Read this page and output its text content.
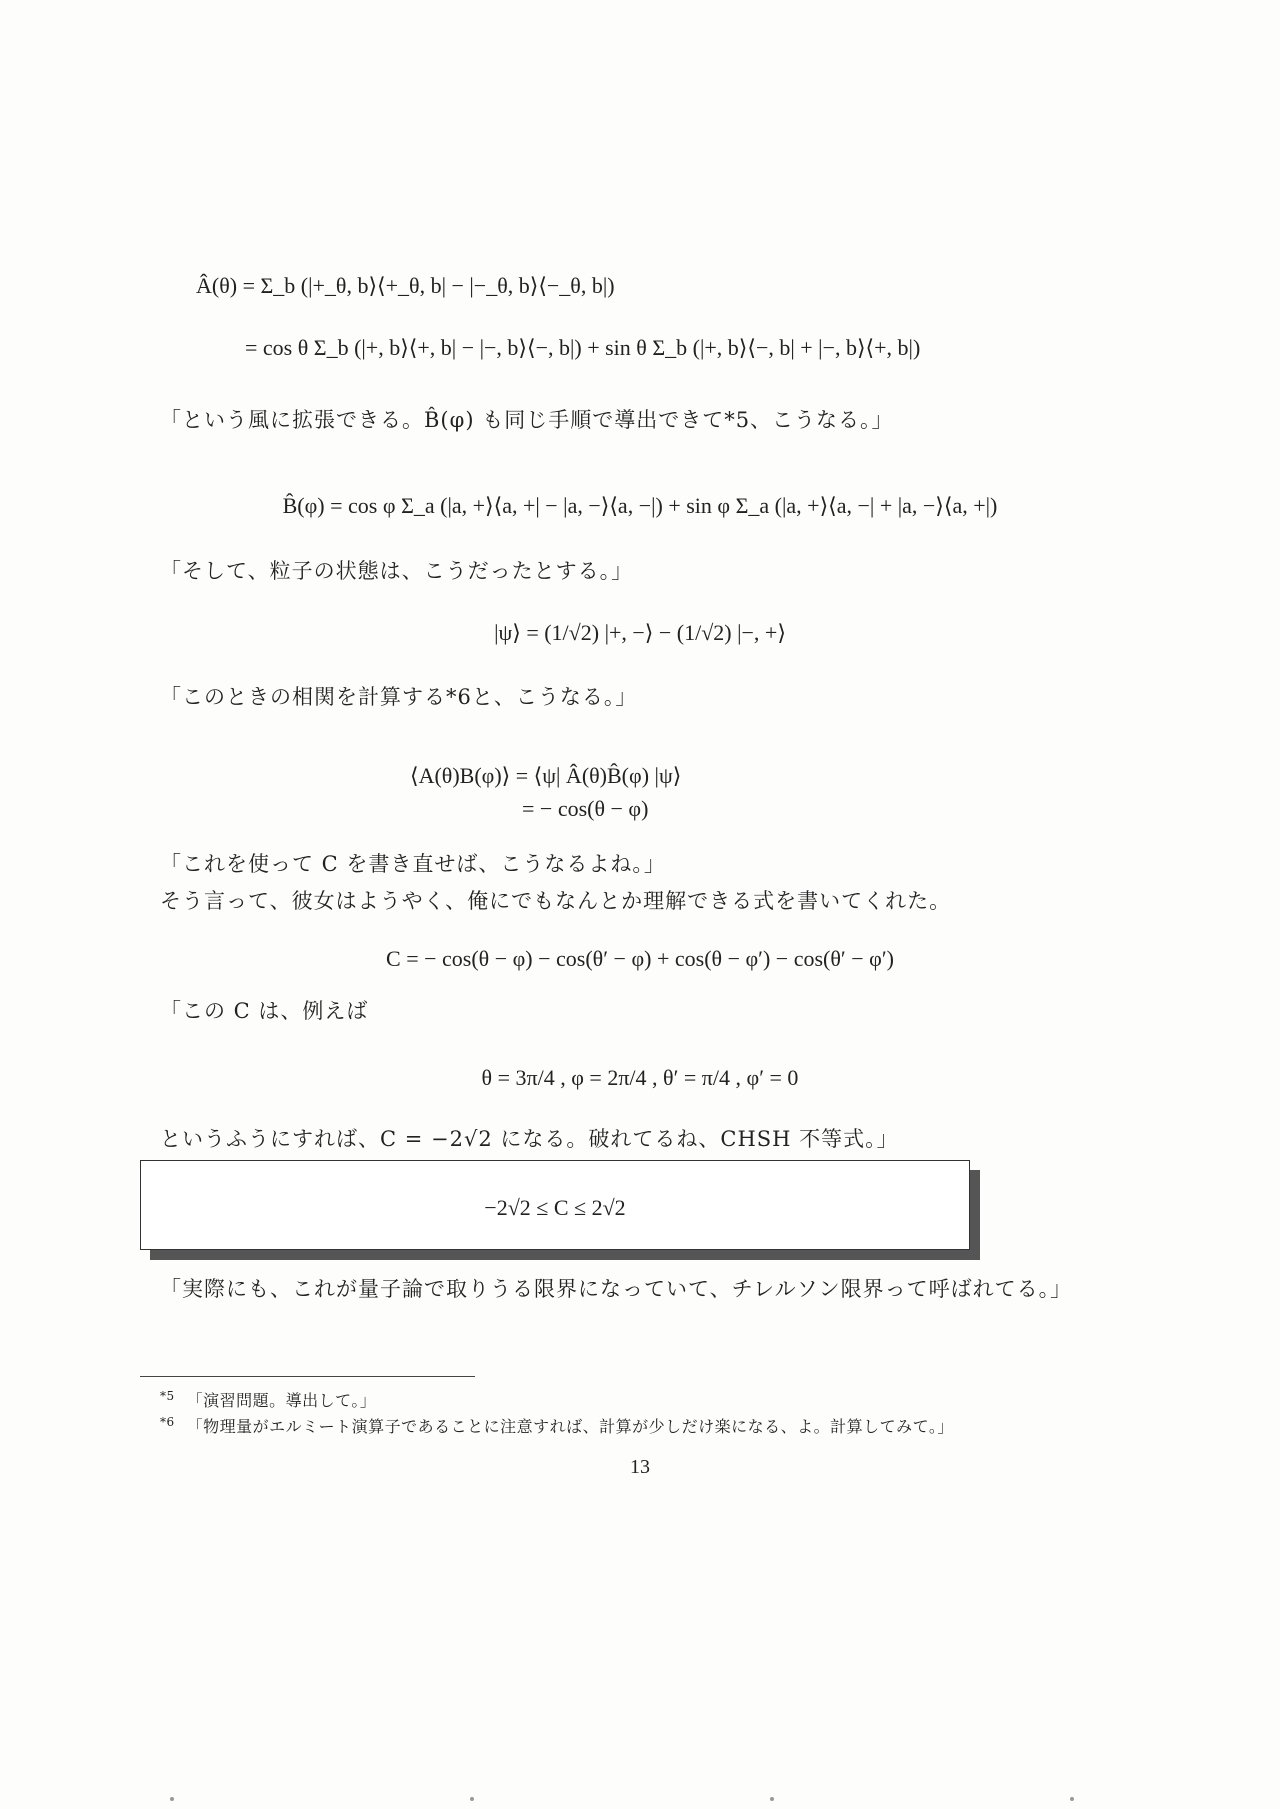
Â(θ) = Σ_b (|+_θ, b⟩⟨+_θ, b| − |−_θ, b⟩⟨−_θ, b|)
= cos θ Σ_b (|+, b⟩⟨+, b| − |−, b⟩⟨−, b|) + sin θ Σ_b (|+, b⟩⟨−, b| + |−, b⟩⟨+, b|)
「という風に拡張できる。B̂(φ) も同じ手順で導出できて*5、こうなる。」
B̂(φ) = cos φ Σ_a (|a, +⟩⟨a, +| − |a, −⟩⟨a, −|) + sin φ Σ_a (|a, +⟩⟨a, −| + |a, −⟩⟨a, +|)
「そして、粒子の状態は、こうだったとする。」
|ψ⟩ = (1/√2) |+, −⟩ − (1/√2) |−, +⟩
「このときの相関を計算する*6と、こうなる。」
⟨A(θ)B(φ)⟩ = ⟨ψ| Â(θ)B̂(φ) |ψ⟩
= − cos(θ − φ)
「これを使って C を書き直せば、こうなるよね。」
そう言って、彼女はようやく、俺にでもなんとか理解できる式を書いてくれた。
C = − cos(θ − φ) − cos(θ′ − φ) + cos(θ − φ′) − cos(θ′ − φ′)
「この C は、例えば
θ = 3π/4 , φ = 2π/4 , θ′ = π/4 , φ′ = 0
というふうにすれば、C = −2√2 になる。破れてるね、CHSH 不等式。」
−2√2 ≤ C ≤ 2√2
「実際にも、これが量子論で取りうる限界になっていて、チレルソン限界って呼ばれてる。」
$^{*5}$ 「演習問題。導出して。」
$^{*6}$ 「物理量がエルミート演算子であることに注意すれば、計算が少しだけ楽になる、よ。計算してみて。」
13
